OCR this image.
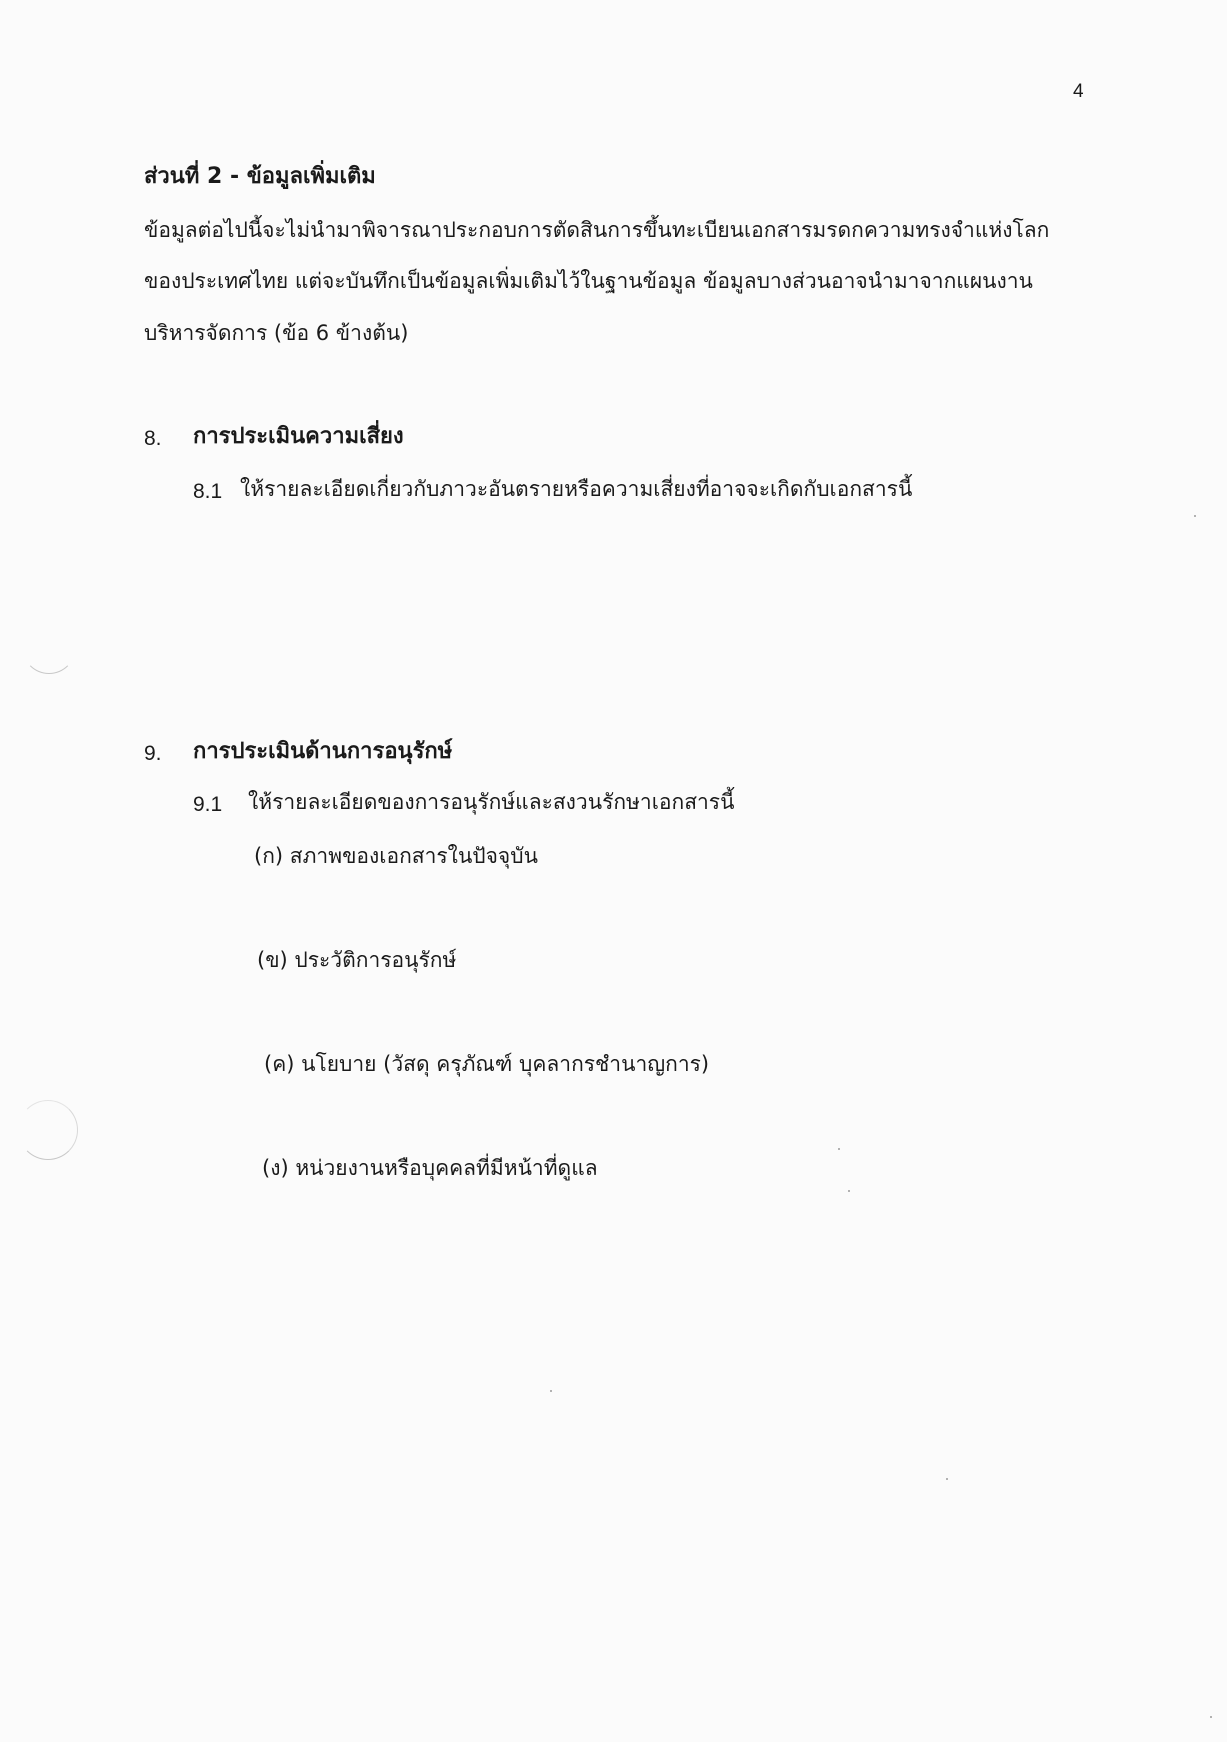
4
ส่วนที่ 2 - ข้อมูลเพิ่มเติม
ข้อมูลต่อไปนี้จะไม่นำมาพิจารณาประกอบการตัดสินการขึ้นทะเบียนเอกสารมรดกความทรงจำแห่งโลก
ของประเทศไทย แต่จะบันทึกเป็นข้อมูลเพิ่มเติมไว้ในฐานข้อมูล ข้อมูลบางส่วนอาจนำมาจากแผนงาน
บริหารจัดการ (ข้อ 6 ข้างต้น)
8. การประเมินความเสี่ยง
8.1 ให้รายละเอียดเกี่ยวกับภาวะอันตรายหรือความเสี่ยงที่อาจจะเกิดกับเอกสารนี้
9. การประเมินด้านการอนุรักษ์
9.1 ให้รายละเอียดของการอนุรักษ์และสงวนรักษาเอกสารนี้
(ก) สภาพของเอกสารในปัจจุบัน
(ข) ประวัติการอนุรักษ์
(ค) นโยบาย (วัสดุ ครุภัณฑ์ บุคลากรชำนาญการ)
(ง) หน่วยงานหรือบุคคลที่มีหน้าที่ดูแล
